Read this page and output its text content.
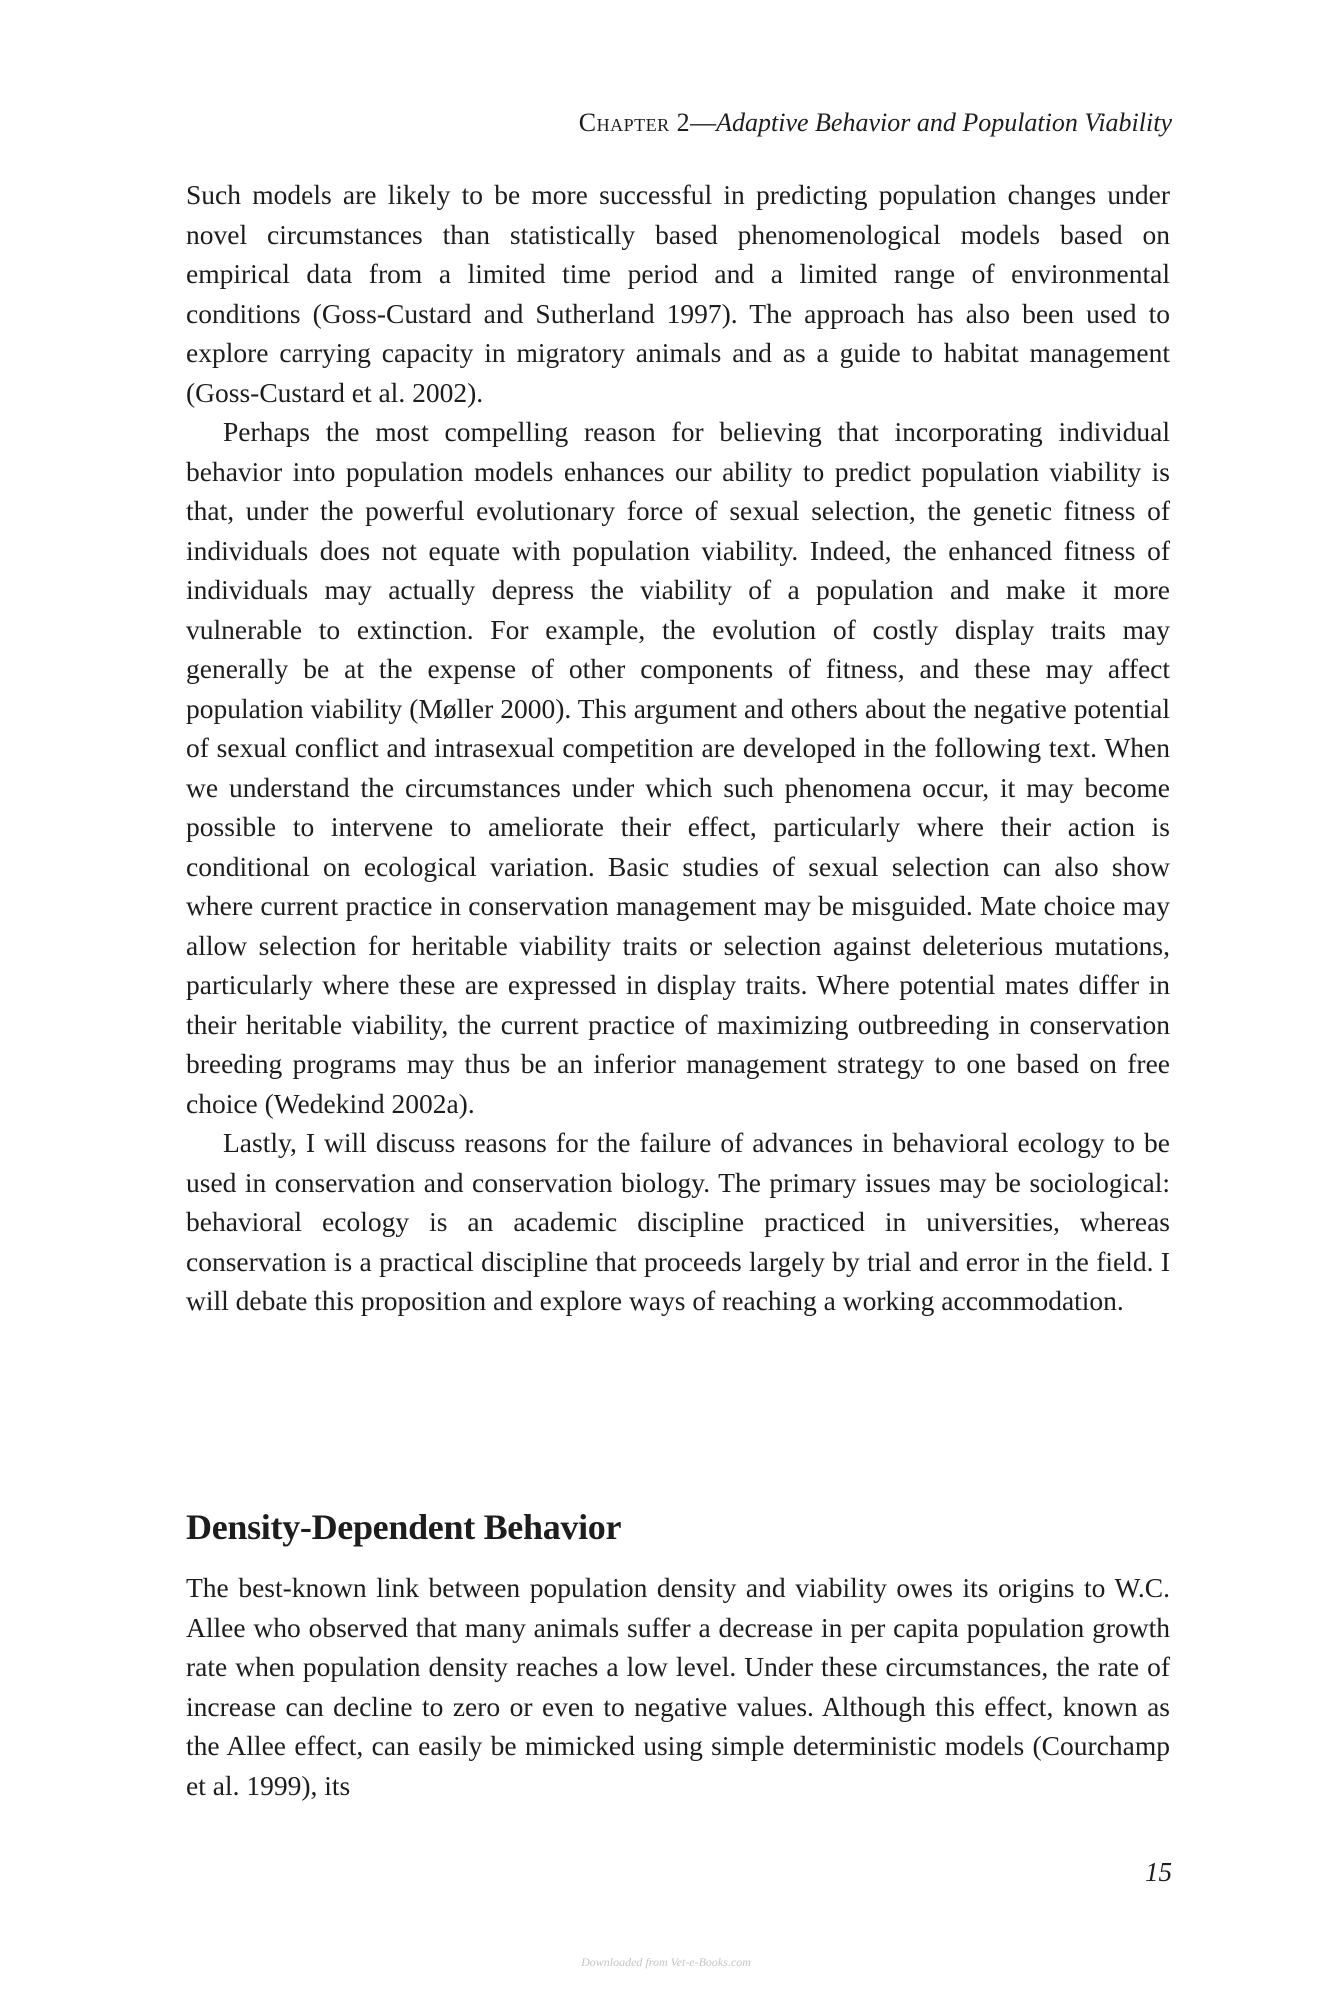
Chapter 2—Adaptive Behavior and Population Viability

Such models are likely to be more successful in predicting population changes under novel circumstances than statistically based phenomenological models based on empirical data from a limited time period and a limited range of environmental conditions (Goss-Custard and Sutherland 1997). The approach has also been used to explore carrying capacity in migratory animals and as a guide to habitat management (Goss-Custard et al. 2002).

Perhaps the most compelling reason for believing that incorporating individual behavior into population models enhances our ability to predict population viability is that, under the powerful evolutionary force of sexual selection, the genetic fitness of individuals does not equate with population viability. Indeed, the enhanced fitness of individuals may actually depress the viability of a population and make it more vulnerable to extinction. For example, the evolution of costly display traits may generally be at the expense of other components of fitness, and these may affect population viability (Møller 2000). This argument and others about the negative potential of sexual conflict and intrasexual competition are developed in the following text. When we understand the circumstances under which such phenomena occur, it may become possible to intervene to ameliorate their effect, particularly where their action is conditional on ecological variation. Basic studies of sexual selection can also show where current practice in conservation management may be misguided. Mate choice may allow selection for heritable viability traits or selection against deleterious mutations, particularly where these are expressed in display traits. Where potential mates differ in their heritable viability, the current practice of maximizing outbreeding in conservation breeding programs may thus be an inferior management strategy to one based on free choice (Wedekind 2002a).

Lastly, I will discuss reasons for the failure of advances in behavioral ecology to be used in conservation and conservation biology. The primary issues may be sociological: behavioral ecology is an academic discipline practiced in universities, whereas conservation is a practical discipline that proceeds largely by trial and error in the field. I will debate this proposition and explore ways of reaching a working accommodation.

Density-Dependent Behavior

The best-known link between population density and viability owes its origins to W.C. Allee who observed that many animals suffer a decrease in per capita population growth rate when population density reaches a low level. Under these circumstances, the rate of increase can decline to zero or even to negative values. Although this effect, known as the Allee effect, can easily be mimicked using simple deterministic models (Courchamp et al. 1999), its

15
Downloaded from Vet-e-Books.com
